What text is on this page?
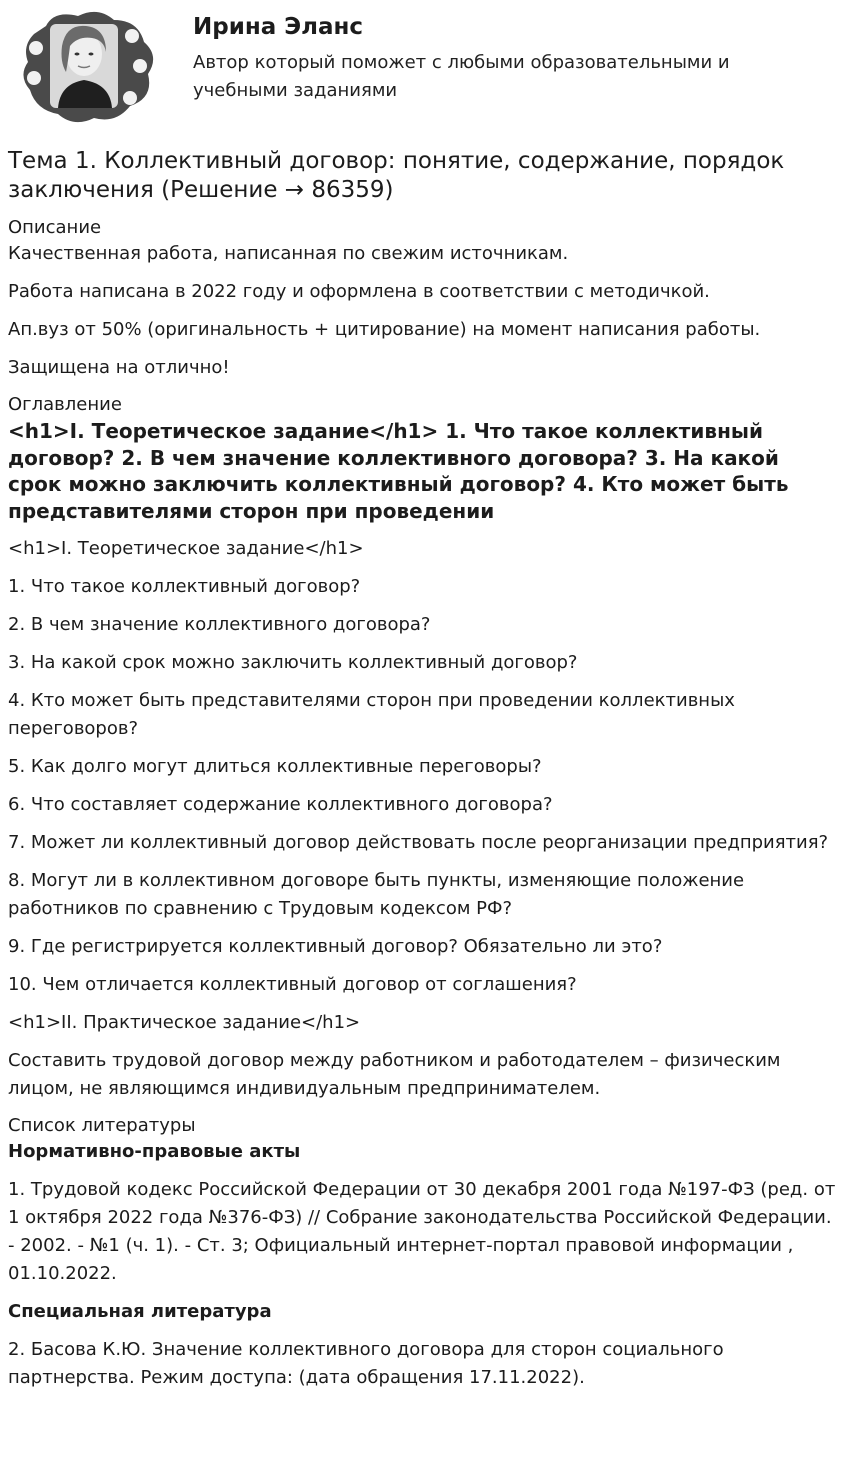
Ирина Эланс
Автор который поможет с любыми образовательными и учебными заданиями
Тема 1. Коллективный договор: понятие, содержание, порядок заключения (Решение → 86359)
Описание

Качественная работа, написанная по свежим источникам.

Работа написана в 2022 году и оформлена в соответствии с методичкой.

Ап.вуз от 50% (оригинальность + цитирование) на момент написания работы.

Защищена на отлично!

Оглавление
<h1>I. Теоретическое задание</h1> 1. Что такое коллективный договор? 2. В чем значение коллективного договора? 3. На какой срок можно заключить коллективный договор? 4. Кто может быть представителями сторон при проведении

<h1>I. Теоретическое задание</h1>

1. Что такое коллективный договор?

2. В чем значение коллективного договора?

3. На какой срок можно заключить коллективный договор?

4. Кто может быть представителями сторон при проведении коллективных переговоров?

5. Как долго могут длиться коллективные переговоры?

6. Что составляет содержание коллективного договора?

7. Может ли коллективный договор действовать после реорганизации предприятия?

8. Могут ли в коллективном договоре быть пункты, изменяющие положение работников по сравнению с Трудовым кодексом РФ?

9. Где регистрируется коллективный договор? Обязательно ли это?

10. Чем отличается коллективный договор от соглашения?

<h1>II. Практическое задание</h1>

Составить трудовой договор между работником и работодателем – физическим лицом, не являющимся индивидуальным предпринимателем.

Список литературы

Нормативно-правовые акты

1. Трудовой кодекс Российской Федерации от 30 декабря 2001 года №197-ФЗ (ред. от 1 октября 2022 года №376-ФЗ) // Собрание законодательства Российской Федерации. - 2002. - №1 (ч. 1). - Ст. 3; Официальный интернет-портал правовой информации , 01.10.2022.

Специальная литература

2. Басова К.Ю. Значение коллективного договора для сторон социального партнерства. Режим доступа: (дата обращения 17.11.2022).
